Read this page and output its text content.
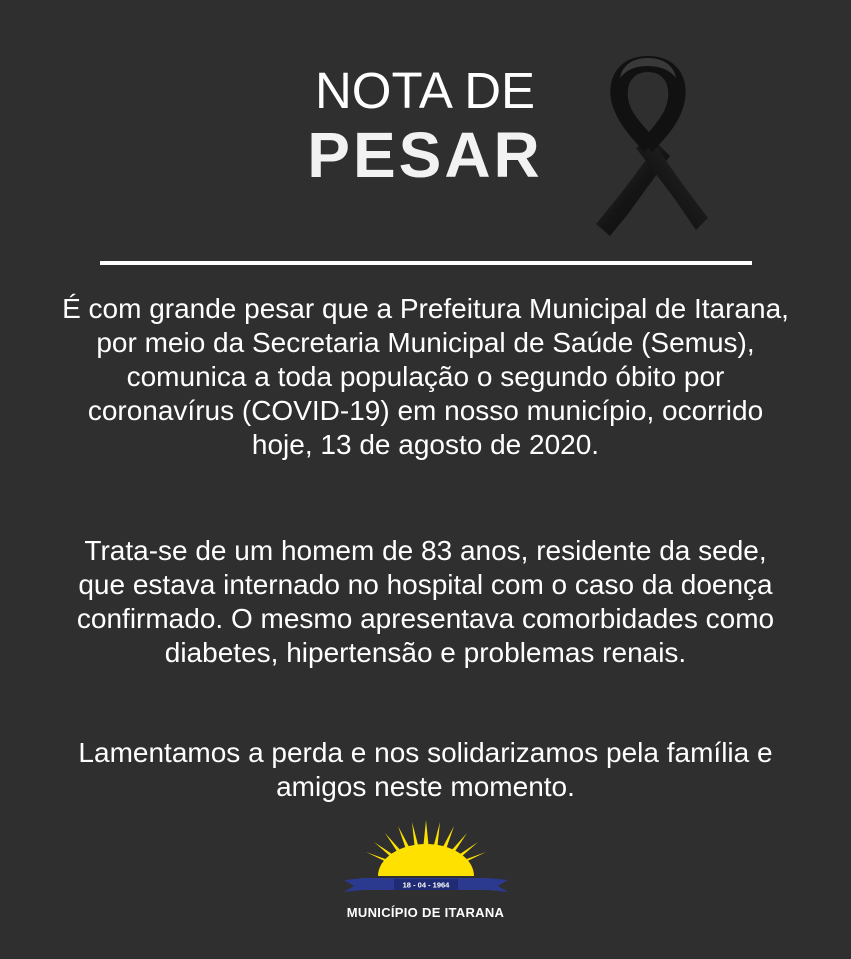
NOTA DE
PESAR
É com grande pesar que a Prefeitura Municipal de Itarana, por meio da Secretaria Municipal de Saúde (Semus), comunica a toda população o segundo óbito por coronavírus (COVID-19) em nosso município, ocorrido hoje, 13 de agosto de 2020.
Trata-se de um homem de 83 anos, residente da sede, que estava internado no hospital com o caso da doença confirmado. O mesmo apresentava comorbidades como diabetes, hipertensão e problemas renais.
Lamentamos a perda e nos solidarizamos pela família e amigos neste momento.
18 - 04 - 1964
MUNICÍPIO DE ITARANA
